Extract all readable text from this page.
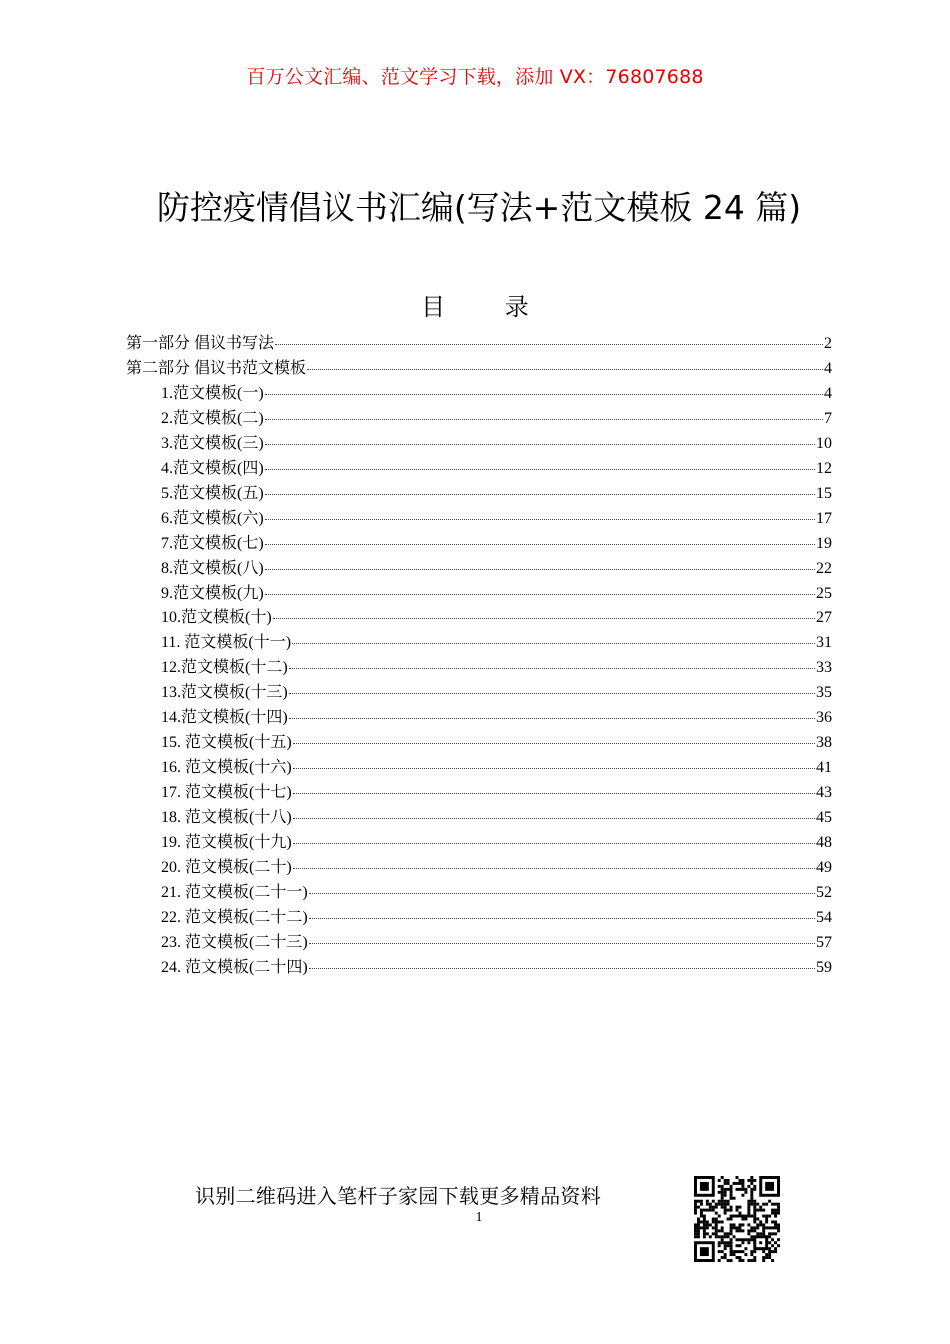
百万公文汇编、范文学习下载，添加 VX：76807688
防控疫情倡议书汇编(写法+范文模板 24 篇)
目 录
第一部分 倡议书写法	2
第二部分 倡议书范文模板	4
1.范文模板(一)	4
2.范文模板(二)	7
3.范文模板(三)	10
4.范文模板(四)	12
5.范文模板(五)	15
6.范文模板(六)	17
7.范文模板(七)	19
8.范文模板(八)	22
9.范文模板(九)	25
10.范文模板(十)	27
11. 范文模板(十一)	31
12.范文模板(十二)	33
13.范文模板(十三)	35
14.范文模板(十四)	36
15. 范文模板(十五)	38
16. 范文模板(十六)	41
17. 范文模板(十七)	43
18. 范文模板(十八)	45
19. 范文模板(十九)	48
20. 范文模板(二十)	49
21. 范文模板(二十一)	52
22. 范文模板(二十二)	54
23. 范文模板(二十三)	57
24. 范文模板(二十四)	59
识别二维码进入笔杆子家园下载更多精品资料
1
